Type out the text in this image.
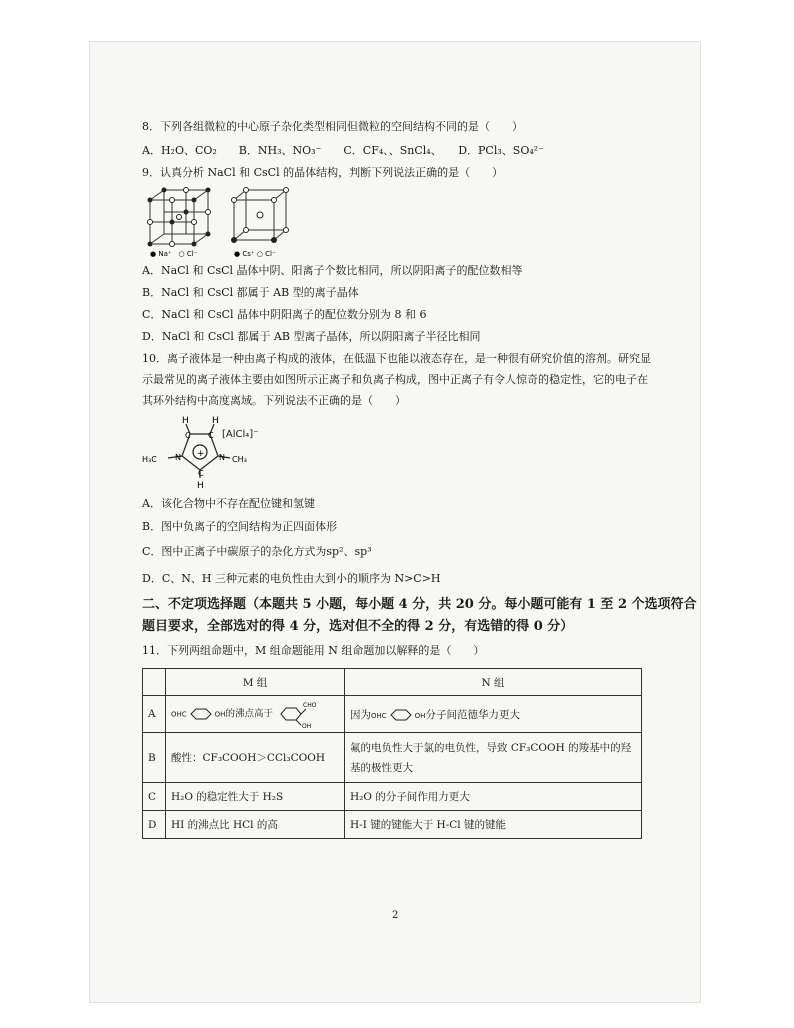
8．下列各组微粒的中心原子杂化类型相同但微粒的空间结构不同的是（　　）
A．H₂O、CO₂　　B．NH₃、NO₃⁻　　C．CF₄、、SnCl₄、　　D．PCl₃、SO₄²⁻
9．认真分析 NaCl 和 CsCl 的晶体结构，判断下列说法正确的是（　　）
● Na⁺　○ Cl⁻	● Cs⁺ ○ Cl⁻
A．NaCl 和 CsCl 晶体中阴、阳离子个数比相同，所以阴阳离子的配位数相等
B．NaCl 和 CsCl 都属于 AB 型的离子晶体
C．NaCl 和 CsCl 晶体中阴阳离子的配位数分别为 8 和 6
D．NaCl 和 CsCl 都属于 AB 型离子晶体，所以阴阳离子半径比相同
10．离子液体是一种由离子构成的液体，在低温下也能以液态存在，是一种很有研究价值的溶剂。研究显
示最常见的离子液体主要由如图所示正离子和负离子构成，图中正离子有令人惊奇的稳定性，它的电子在
其环外结构中高度离域。下列说法不正确的是（　　）
+
H	H
C C
N	N
C
H
H₃C	CH₃
[AlCl₄]⁻
A．该化合物中不存在配位键和氢键
B．图中负离子的空间结构为正四面体形
C．图中正离子中碳原子的杂化方式为sp²、sp³
D．C、N、H 三种元素的电负性由大到小的顺序为 N>C>H
二、不定项选择题（本题共 5 小题，每小题 4 分，共 20 分。每小题可能有 1 至 2 个选项符合
题目要求，全部选对的得 4 分，选对但不全的得 2 分，有选错的得 0 分）
11．下列两组命题中，M 组命题能用 N 组命题加以解释的是（　　）
	M 组	N 组
A	OHC OH的沸点高于
CHO
OH	因为OHC OH分子间范德华力更大
B	酸性：CF₃COOH＞CCl₃COOH	氟的电负性大于氯的电负性，导致 CF₃COOH 的羧基中的羟基的极性更大
C	H₂O 的稳定性大于 H₂S	H₂O 的分子间作用力更大
D	HI 的沸点比 HCl 的高	H-I 键的键能大于 H-Cl 键的键能
2
